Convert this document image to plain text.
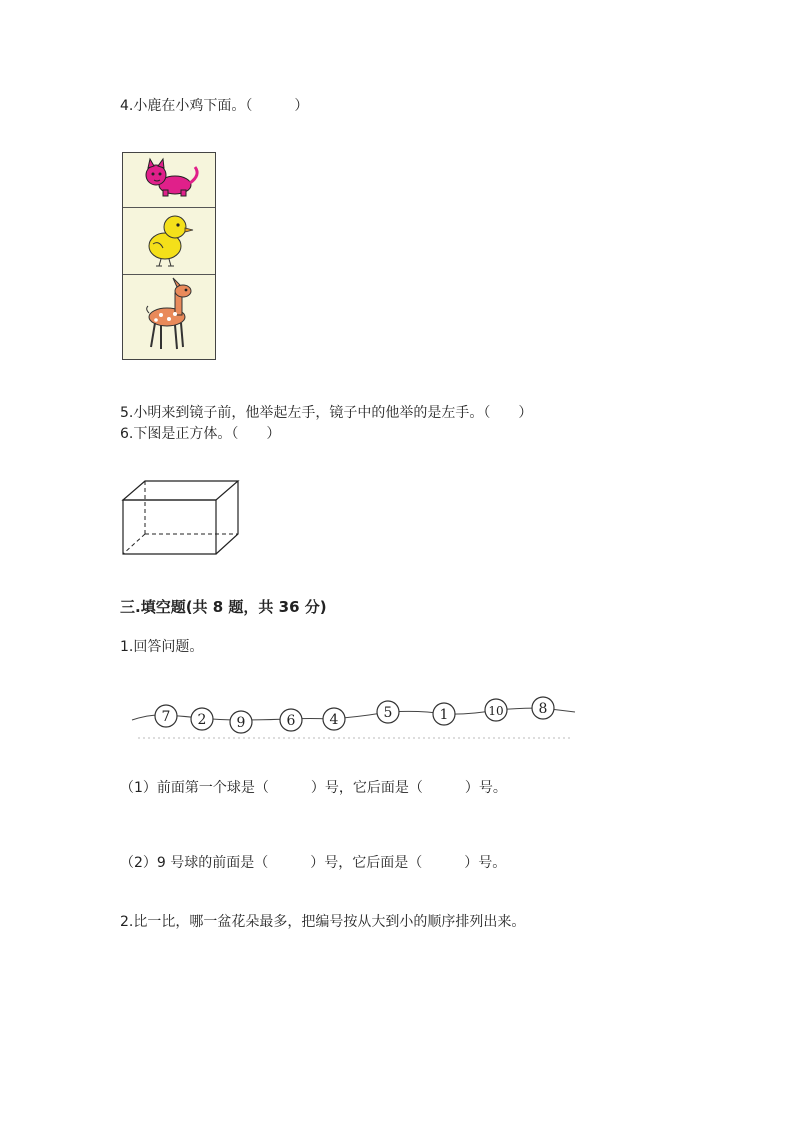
4.小鹿在小鸡下面。（　　　）
5.小明来到镜子前，他举起左手，镜子中的他举的是左手。（　　）
6.下图是正方体。（　　）
三.填空题(共 8 题，共 36 分)
1.回答问题。
7 2 9	6 4	5	1	10 8
（1）前面第一个球是（　　　）号，它后面是（　　　）号。
（2）9 号球的前面是（　　　）号，它后面是（　　　）号。
2.比一比，哪一盆花朵最多，把编号按从大到小的顺序排列出来。
